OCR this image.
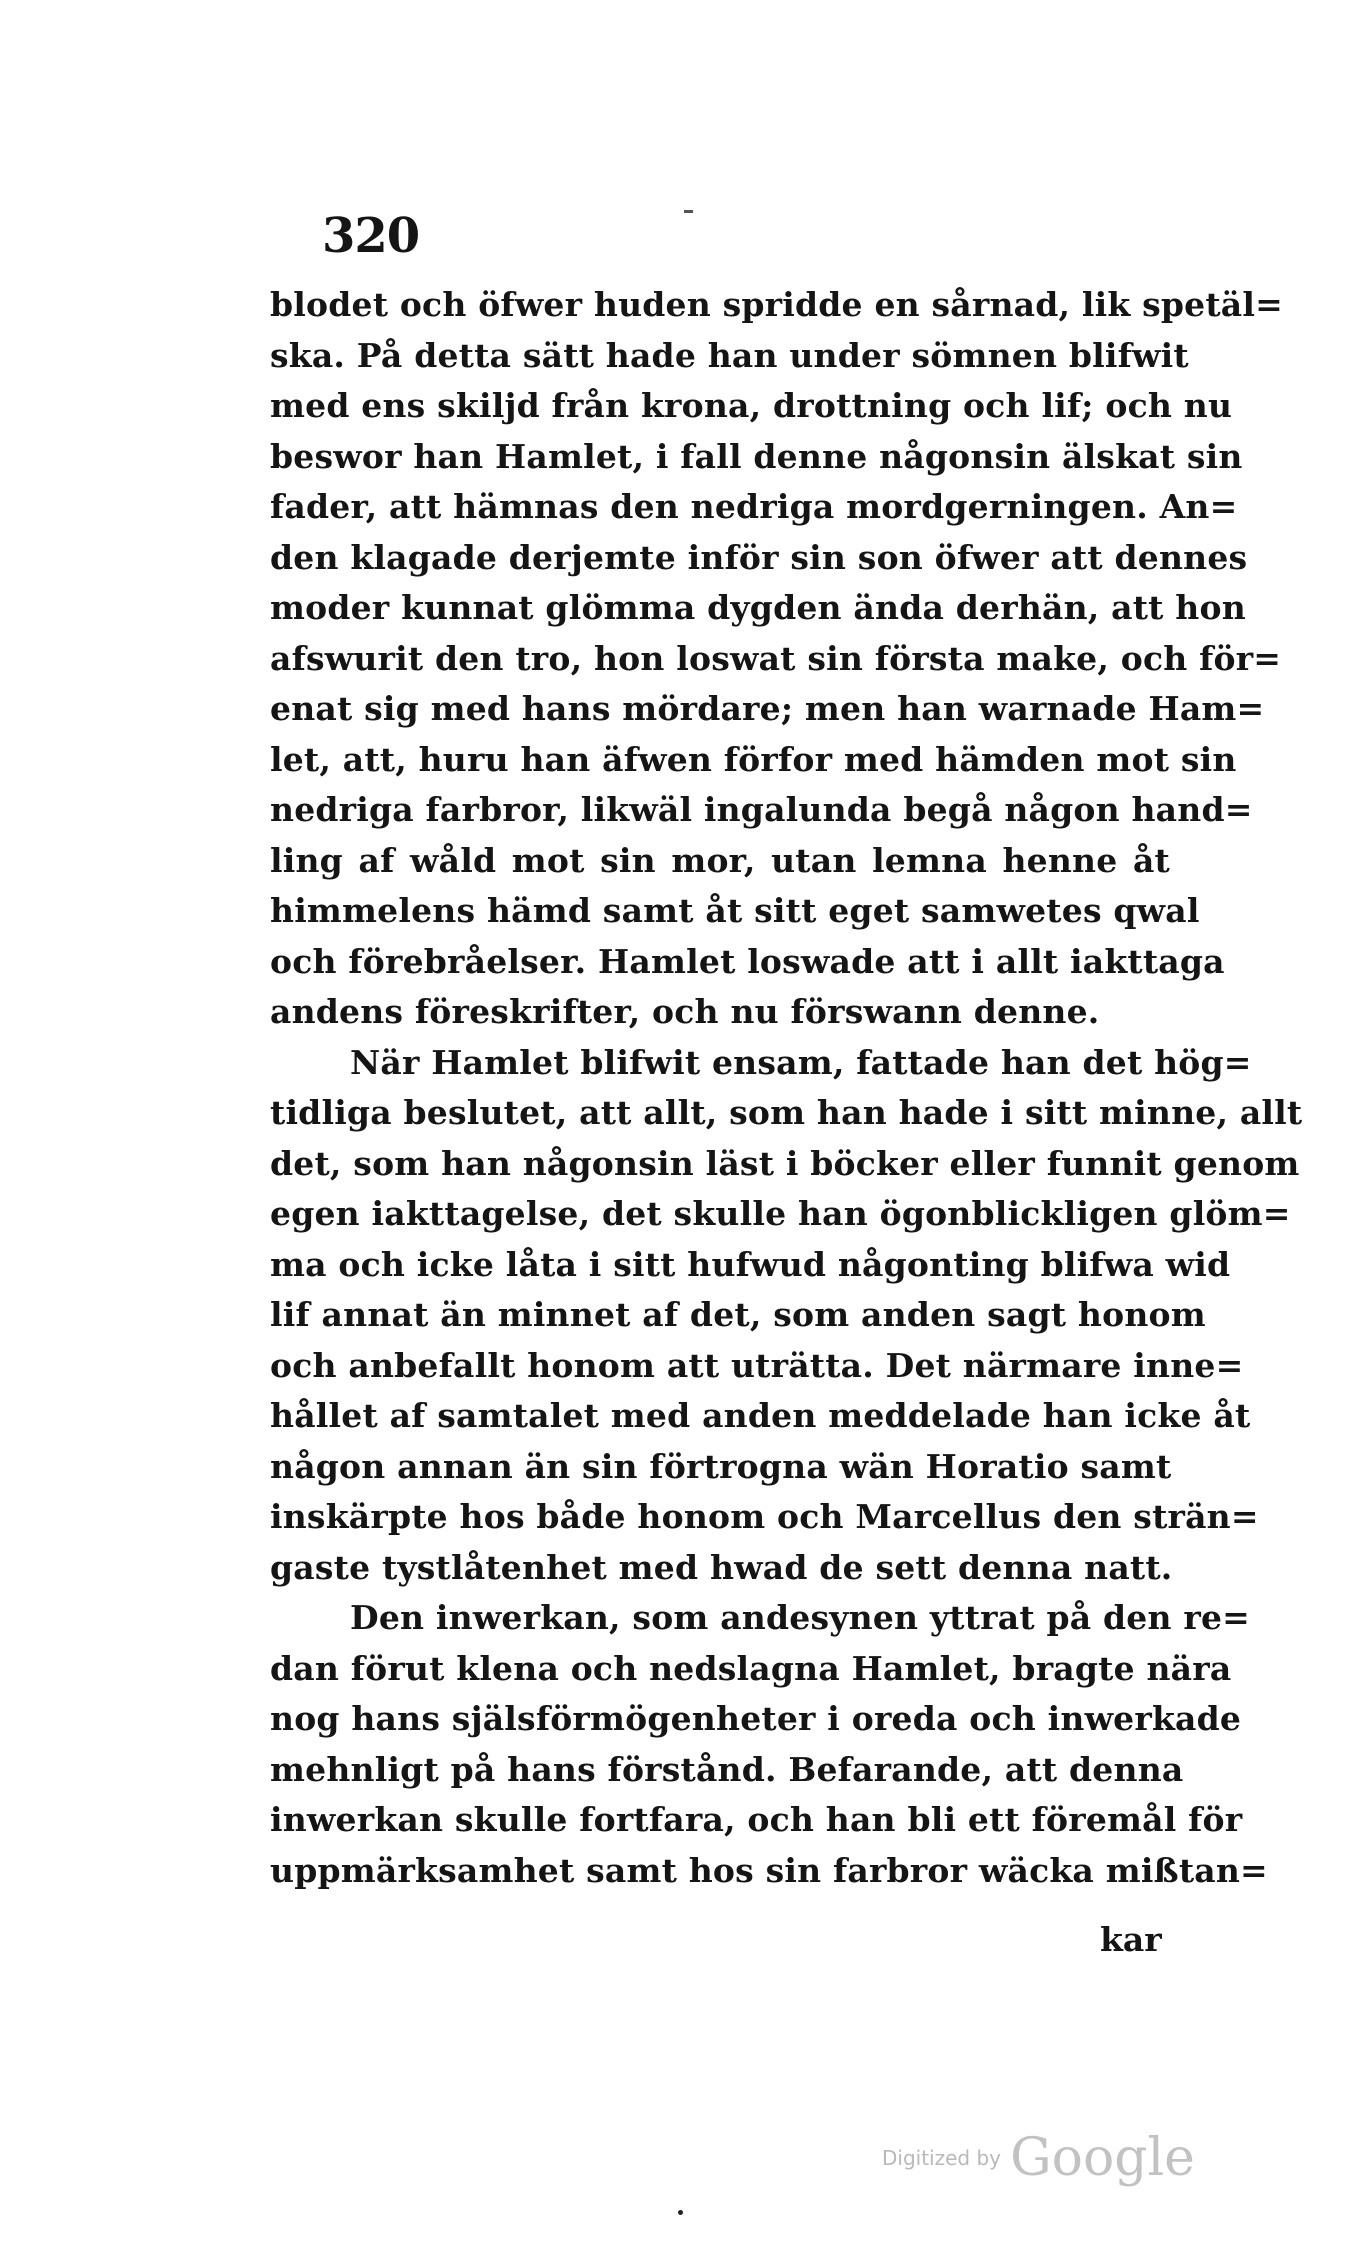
320
blodet och öfwer huden spridde en sårnad, lik spetäl=
ska. På detta sätt hade han under sömnen blifwit
med ens skiljd från krona, drottning och lif; och nu
beswor han Hamlet, i fall denne någonsin älskat sin
fader, att hämnas den nedriga mordgerningen. An=
den klagade derjemte inför sin son öfwer att dennes
moder kunnat glömma dygden ända derhän, att hon
afswurit den tro, hon loswat sin första make, och för=
enat sig med hans mördare; men han warnade Ham=
let, att, huru han äfwen förfor med hämden mot sin
nedriga farbror, likwäl ingalunda begå någon hand=
ling af wåld mot sin mor, utan lemna henne åt
himmelens hämd samt åt sitt eget samwetes qwal
och förebråelser. Hamlet loswade att i allt iakttaga
andens föreskrifter, och nu förswann denne.
När Hamlet blifwit ensam, fattade han det hög=
tidliga beslutet, att allt, som han hade i sitt minne, allt
det, som han någonsin läst i böcker eller funnit genom
egen iakttagelse, det skulle han ögonblickligen glöm=
ma och icke låta i sitt hufwud någonting blifwa wid
lif annat än minnet af det, som anden sagt honom
och anbefallt honom att uträtta. Det närmare inne=
hållet af samtalet med anden meddelade han icke åt
någon annan än sin förtrogna wän Horatio samt
inskärpte hos både honom och Marcellus den strän=
gaste tystlåtenhet med hwad de sett denna natt.
Den inwerkan, som andesynen yttrat på den re=
dan förut klena och nedslagna Hamlet, bragte nära
nog hans själsförmögenheter i oreda och inwerkade
mehnligt på hans förstånd. Befarande, att denna
inwerkan skulle fortfara, och han bli ett föremål för
uppmärksamhet samt hos sin farbror wäcka mißtan=
kar
Digitized by Google
